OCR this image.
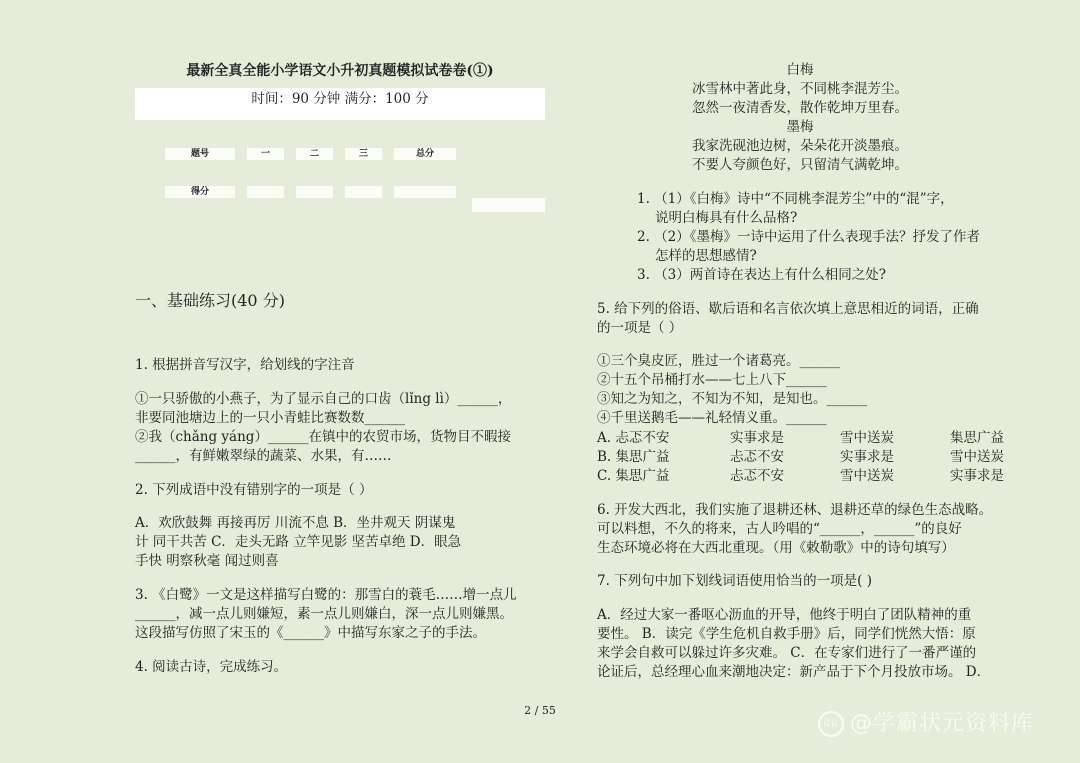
最新全真全能小学语文小升初真题模拟试卷卷(①)
时间：90 分钟 满分：100 分
题号	一	二	三	总分
得分
一、基础练习(40 分)
1. 根据拼音写汉字，给划线的字注音
①一只骄傲的小燕子，为了显示自己的口齿（lǐng lì）______，
非要同池塘边上的一只小青蛙比赛数数______
②我（chǎng yáng）______在镇中的农贸市场，货物目不暇接
______，有鲜嫩翠绿的蔬菜、水果，有……
2. 下列成语中没有错别字的一项是（ ）
A．欢欣鼓舞 再接再厉 川流不息 B．坐井观天 阴谋鬼
计 同干共苦 C．走头无路 立竿见影 坚苦卓绝 D．眼急
手快 明察秋毫 闻过则喜
3. 《白鹭》一文是这样描写白鹭的：那雪白的蓑毛……增一点儿
______，减一点儿则嫌短，素一点儿则嫌白，深一点儿则嫌黑。
这段描写仿照了宋玉的《______》中描写东家之子的手法。
4. 阅读古诗，完成练习。
白梅
冰雪林中著此身，不同桃李混芳尘。
忽然一夜清香发，散作乾坤万里春。
墨梅
我家洗砚池边树，朵朵花开淡墨痕。
不要人夸颜色好，只留清气满乾坤。
1. （1）《白梅》诗中“不同桃李混芳尘”中的“混”字，
说明白梅具有什么品格?
2. （2）《墨梅》一诗中运用了什么表现手法？抒发了作者
怎样的思想感情?
3. （3）两首诗在表达上有什么相同之处?
5. 给下列的俗语、歇后语和名言依次填上意思相近的词语，正确
的一项是（ ）
①三个臭皮匠，胜过一个诸葛亮。______
②十五个吊桶打水——七上八下______
③知之为知之，不知为不知，是知也。______
④千里送鹅毛——礼轻情义重。______
A. 忐忑不安	实事求是	雪中送炭	集思广益
B. 集思广益	忐忑不安	实事求是	雪中送炭
C. 集思广益	忐忑不安	雪中送炭	实事求是
6. 开发大西北，我们实施了退耕还林、退耕还草的绿色生态战略。
可以料想，不久的将来，古人吟唱的“______，______”的良好
生态环境必将在大西北重现。（用《敕勒歌》中的诗句填写）
7. 下列句中加下划线词语使用恰当的一项是( )
A．经过大家一番呕心沥血的开导，他终于明白了团队精神的重
要性。 B．读完《学生危机自救手册》后，同学们恍然大悟：原
来学会自救可以躲过许多灾难。 C．在专家们进行了一番严谨的
论证后，总经理心血来潮地决定：新产品于下个月投放市场。 D．
2 / 55
du @学霸状元资料库
